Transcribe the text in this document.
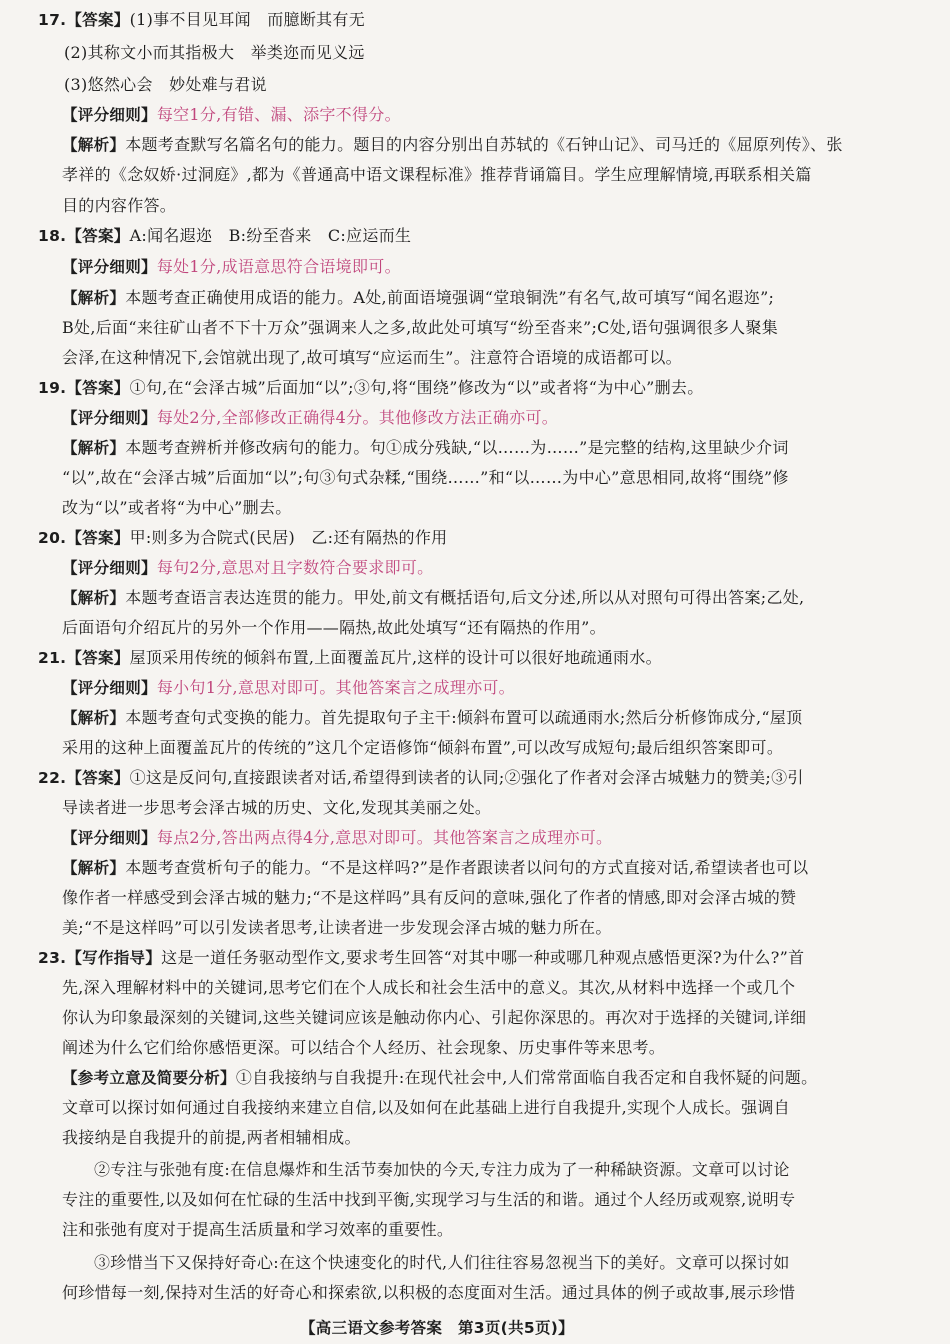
17.【答案】(1)事不目见耳闻　而臆断其有无
(2)其称文小而其指极大　举类迩而见义远
(3)悠然心会　妙处难与君说
【评分细则】每空1分,有错、漏、添字不得分。
【解析】本题考查默写名篇名句的能力。题目的内容分别出自苏轼的《石钟山记》、司马迁的《屈原列传》、张
孝祥的《念奴娇·过洞庭》,都为《普通高中语文课程标准》推荐背诵篇目。学生应理解情境,再联系相关篇
目的内容作答。
18.【答案】A:闻名遐迩　B:纷至沓来　C:应运而生
【评分细则】每处1分,成语意思符合语境即可。
【解析】本题考查正确使用成语的能力。A处,前面语境强调“堂琅铜洗”有名气,故可填写“闻名遐迩”;
B处,后面“来往矿山者不下十万众”强调来人之多,故此处可填写“纷至沓来”;C处,语句强调很多人聚集
会泽,在这种情况下,会馆就出现了,故可填写“应运而生”。注意符合语境的成语都可以。
19.【答案】①句,在“会泽古城”后面加“以”;③句,将“围绕”修改为“以”或者将“为中心”删去。
【评分细则】每处2分,全部修改正确得4分。其他修改方法正确亦可。
【解析】本题考查辨析并修改病句的能力。句①成分残缺,“以……为……”是完整的结构,这里缺少介词
“以”,故在“会泽古城”后面加“以”;句③句式杂糅,“围绕……”和“以……为中心”意思相同,故将“围绕”修
改为“以”或者将“为中心”删去。
20.【答案】甲:则多为合院式(民居)　乙:还有隔热的作用
【评分细则】每句2分,意思对且字数符合要求即可。
【解析】本题考查语言表达连贯的能力。甲处,前文有概括语句,后文分述,所以从对照句可得出答案;乙处,
后面语句介绍瓦片的另外一个作用——隔热,故此处填写“还有隔热的作用”。
21.【答案】屋顶采用传统的倾斜布置,上面覆盖瓦片,这样的设计可以很好地疏通雨水。
【评分细则】每小句1分,意思对即可。其他答案言之成理亦可。
【解析】本题考查句式变换的能力。首先提取句子主干:倾斜布置可以疏通雨水;然后分析修饰成分,“屋顶
采用的这种上面覆盖瓦片的传统的”这几个定语修饰“倾斜布置”,可以改写成短句;最后组织答案即可。
22.【答案】①这是反问句,直接跟读者对话,希望得到读者的认同;②强化了作者对会泽古城魅力的赞美;③引
导读者进一步思考会泽古城的历史、文化,发现其美丽之处。
【评分细则】每点2分,答出两点得4分,意思对即可。其他答案言之成理亦可。
【解析】本题考查赏析句子的能力。“不是这样吗?”是作者跟读者以问句的方式直接对话,希望读者也可以
像作者一样感受到会泽古城的魅力;“不是这样吗”具有反问的意味,强化了作者的情感,即对会泽古城的赞
美;“不是这样吗”可以引发读者思考,让读者进一步发现会泽古城的魅力所在。
23.【写作指导】这是一道任务驱动型作文,要求考生回答“对其中哪一种或哪几种观点感悟更深?为什么?”首
先,深入理解材料中的关键词,思考它们在个人成长和社会生活中的意义。其次,从材料中选择一个或几个
你认为印象最深刻的关键词,这些关键词应该是触动你内心、引起你深思的。再次对于选择的关键词,详细
阐述为什么它们给你感悟更深。可以结合个人经历、社会现象、历史事件等来思考。
【参考立意及简要分析】①自我接纳与自我提升:在现代社会中,人们常常面临自我否定和自我怀疑的问题。
文章可以探讨如何通过自我接纳来建立自信,以及如何在此基础上进行自我提升,实现个人成长。强调自
我接纳是自我提升的前提,两者相辅相成。
②专注与张弛有度:在信息爆炸和生活节奏加快的今天,专注力成为了一种稀缺资源。文章可以讨论
专注的重要性,以及如何在忙碌的生活中找到平衡,实现学习与生活的和谐。通过个人经历或观察,说明专
注和张弛有度对于提高生活质量和学习效率的重要性。
③珍惜当下又保持好奇心:在这个快速变化的时代,人们往往容易忽视当下的美好。文章可以探讨如
何珍惜每一刻,保持对生活的好奇心和探索欲,以积极的态度面对生活。通过具体的例子或故事,展示珍惜
【高三语文参考答案　第3页(共5页)】
